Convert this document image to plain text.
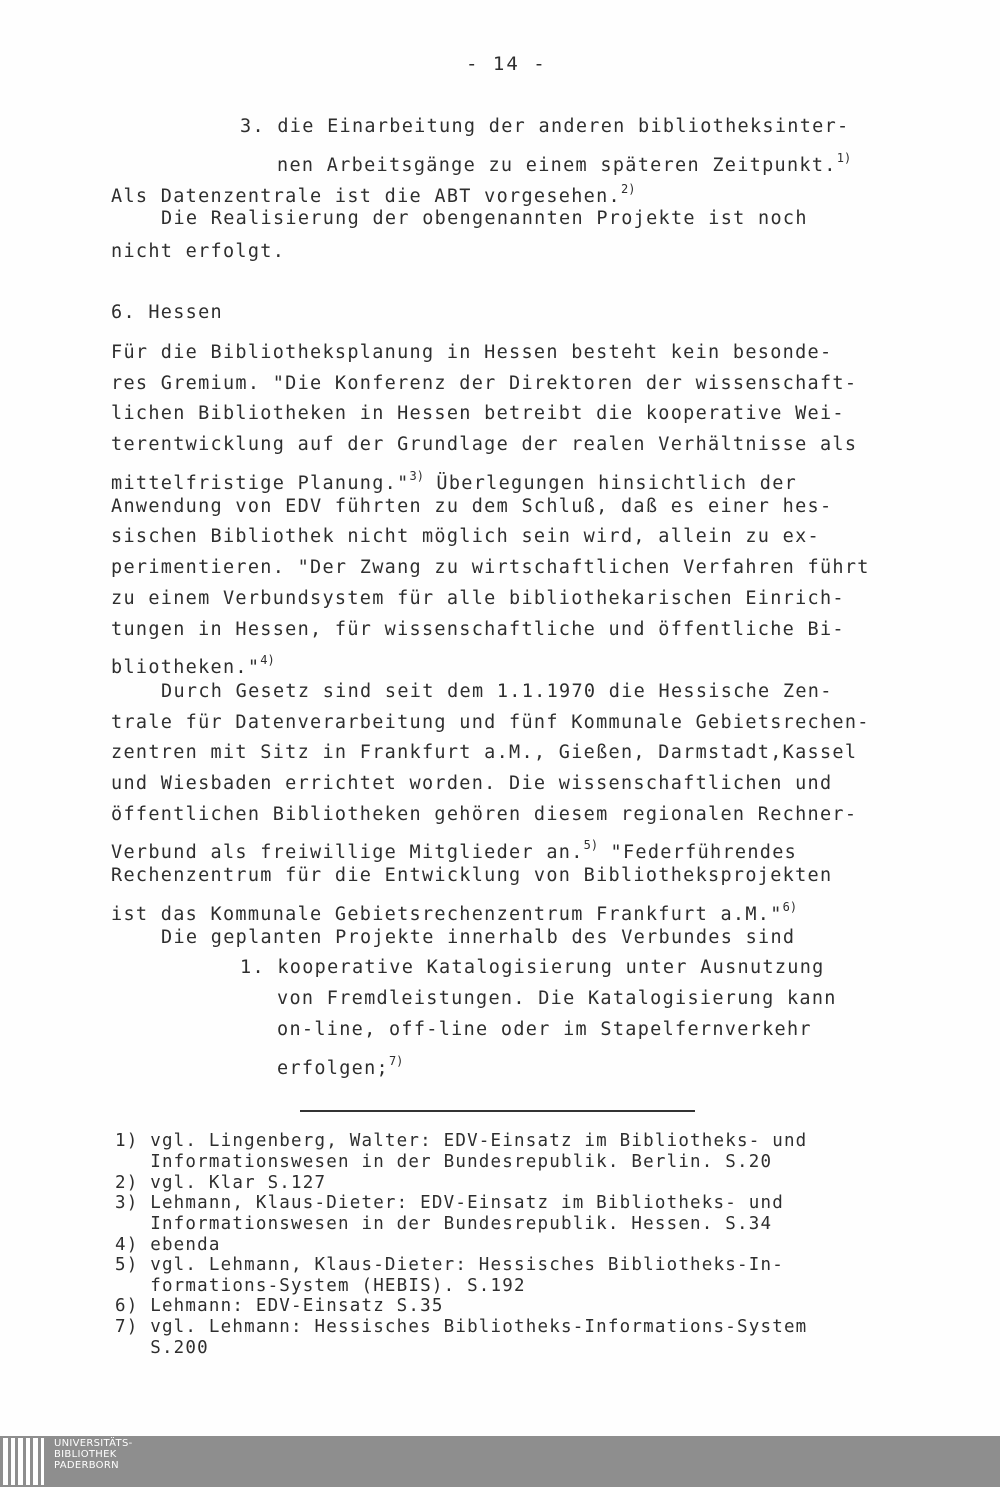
- 14 -
3. die Einarbeitung der anderen bibliotheksinter-
nen Arbeitsgänge zu einem späteren Zeitpunkt.$^{1)}$
Als Datenzentrale ist die ABT vorgesehen.$^{2)}$
Die Realisierung der obengenannten Projekte ist noch
nicht erfolgt.
6. Hessen
Für die Bibliotheksplanung in Hessen besteht kein besonde-
res Gremium. "Die Konferenz der Direktoren der wissenschaft-
lichen Bibliotheken in Hessen betreibt die kooperative Wei-
terentwicklung auf der Grundlage der realen Verhältnisse als
mittelfristige Planung."$^{3)}$ Überlegungen hinsichtlich der
Anwendung von EDV führten zu dem Schluß, daß es einer hes-
sischen Bibliothek nicht möglich sein wird, allein zu ex-
perimentieren. "Der Zwang zu wirtschaftlichen Verfahren führt
zu einem Verbundsystem für alle bibliothekarischen Einrich-
tungen in Hessen, für wissenschaftliche und öffentliche Bi-
bliotheken."$^{4)}$
Durch Gesetz sind seit dem 1.1.1970 die Hessische Zen-
trale für Datenverarbeitung und fünf Kommunale Gebietsrechen-
zentren mit Sitz in Frankfurt a.M., Gießen, Darmstadt,Kassel
und Wiesbaden errichtet worden. Die wissenschaftlichen und
öffentlichen Bibliotheken gehören diesem regionalen Rechner-
Verbund als freiwillige Mitglieder an.$^{5)}$ "Federführendes
Rechenzentrum für die Entwicklung von Bibliotheksprojekten
ist das Kommunale Gebietsrechenzentrum Frankfurt a.M."$^{6)}$
Die geplanten Projekte innerhalb des Verbundes sind
1. kooperative Katalogisierung unter Ausnutzung
von Fremdleistungen. Die Katalogisierung kann
on-line, off-line oder im Stapelfernverkehr
erfolgen;$^{7)}$
1) vgl. Lingenberg, Walter: EDV-Einsatz im Bibliotheks- und
Informationswesen in der Bundesrepublik. Berlin. S.20
2) vgl. Klar S.127
3) Lehmann, Klaus-Dieter: EDV-Einsatz im Bibliotheks- und
Informationswesen in der Bundesrepublik. Hessen. S.34
4) ebenda
5) vgl. Lehmann, Klaus-Dieter: Hessisches Bibliotheks-In-
formations-System (HEBIS). S.192
6) Lehmann: EDV-Einsatz S.35
7) vgl. Lehmann: Hessisches Bibliotheks-Informations-System
S.200
UNIVERSITÄTS-
BIBLIOTHEK
PADERBORN
